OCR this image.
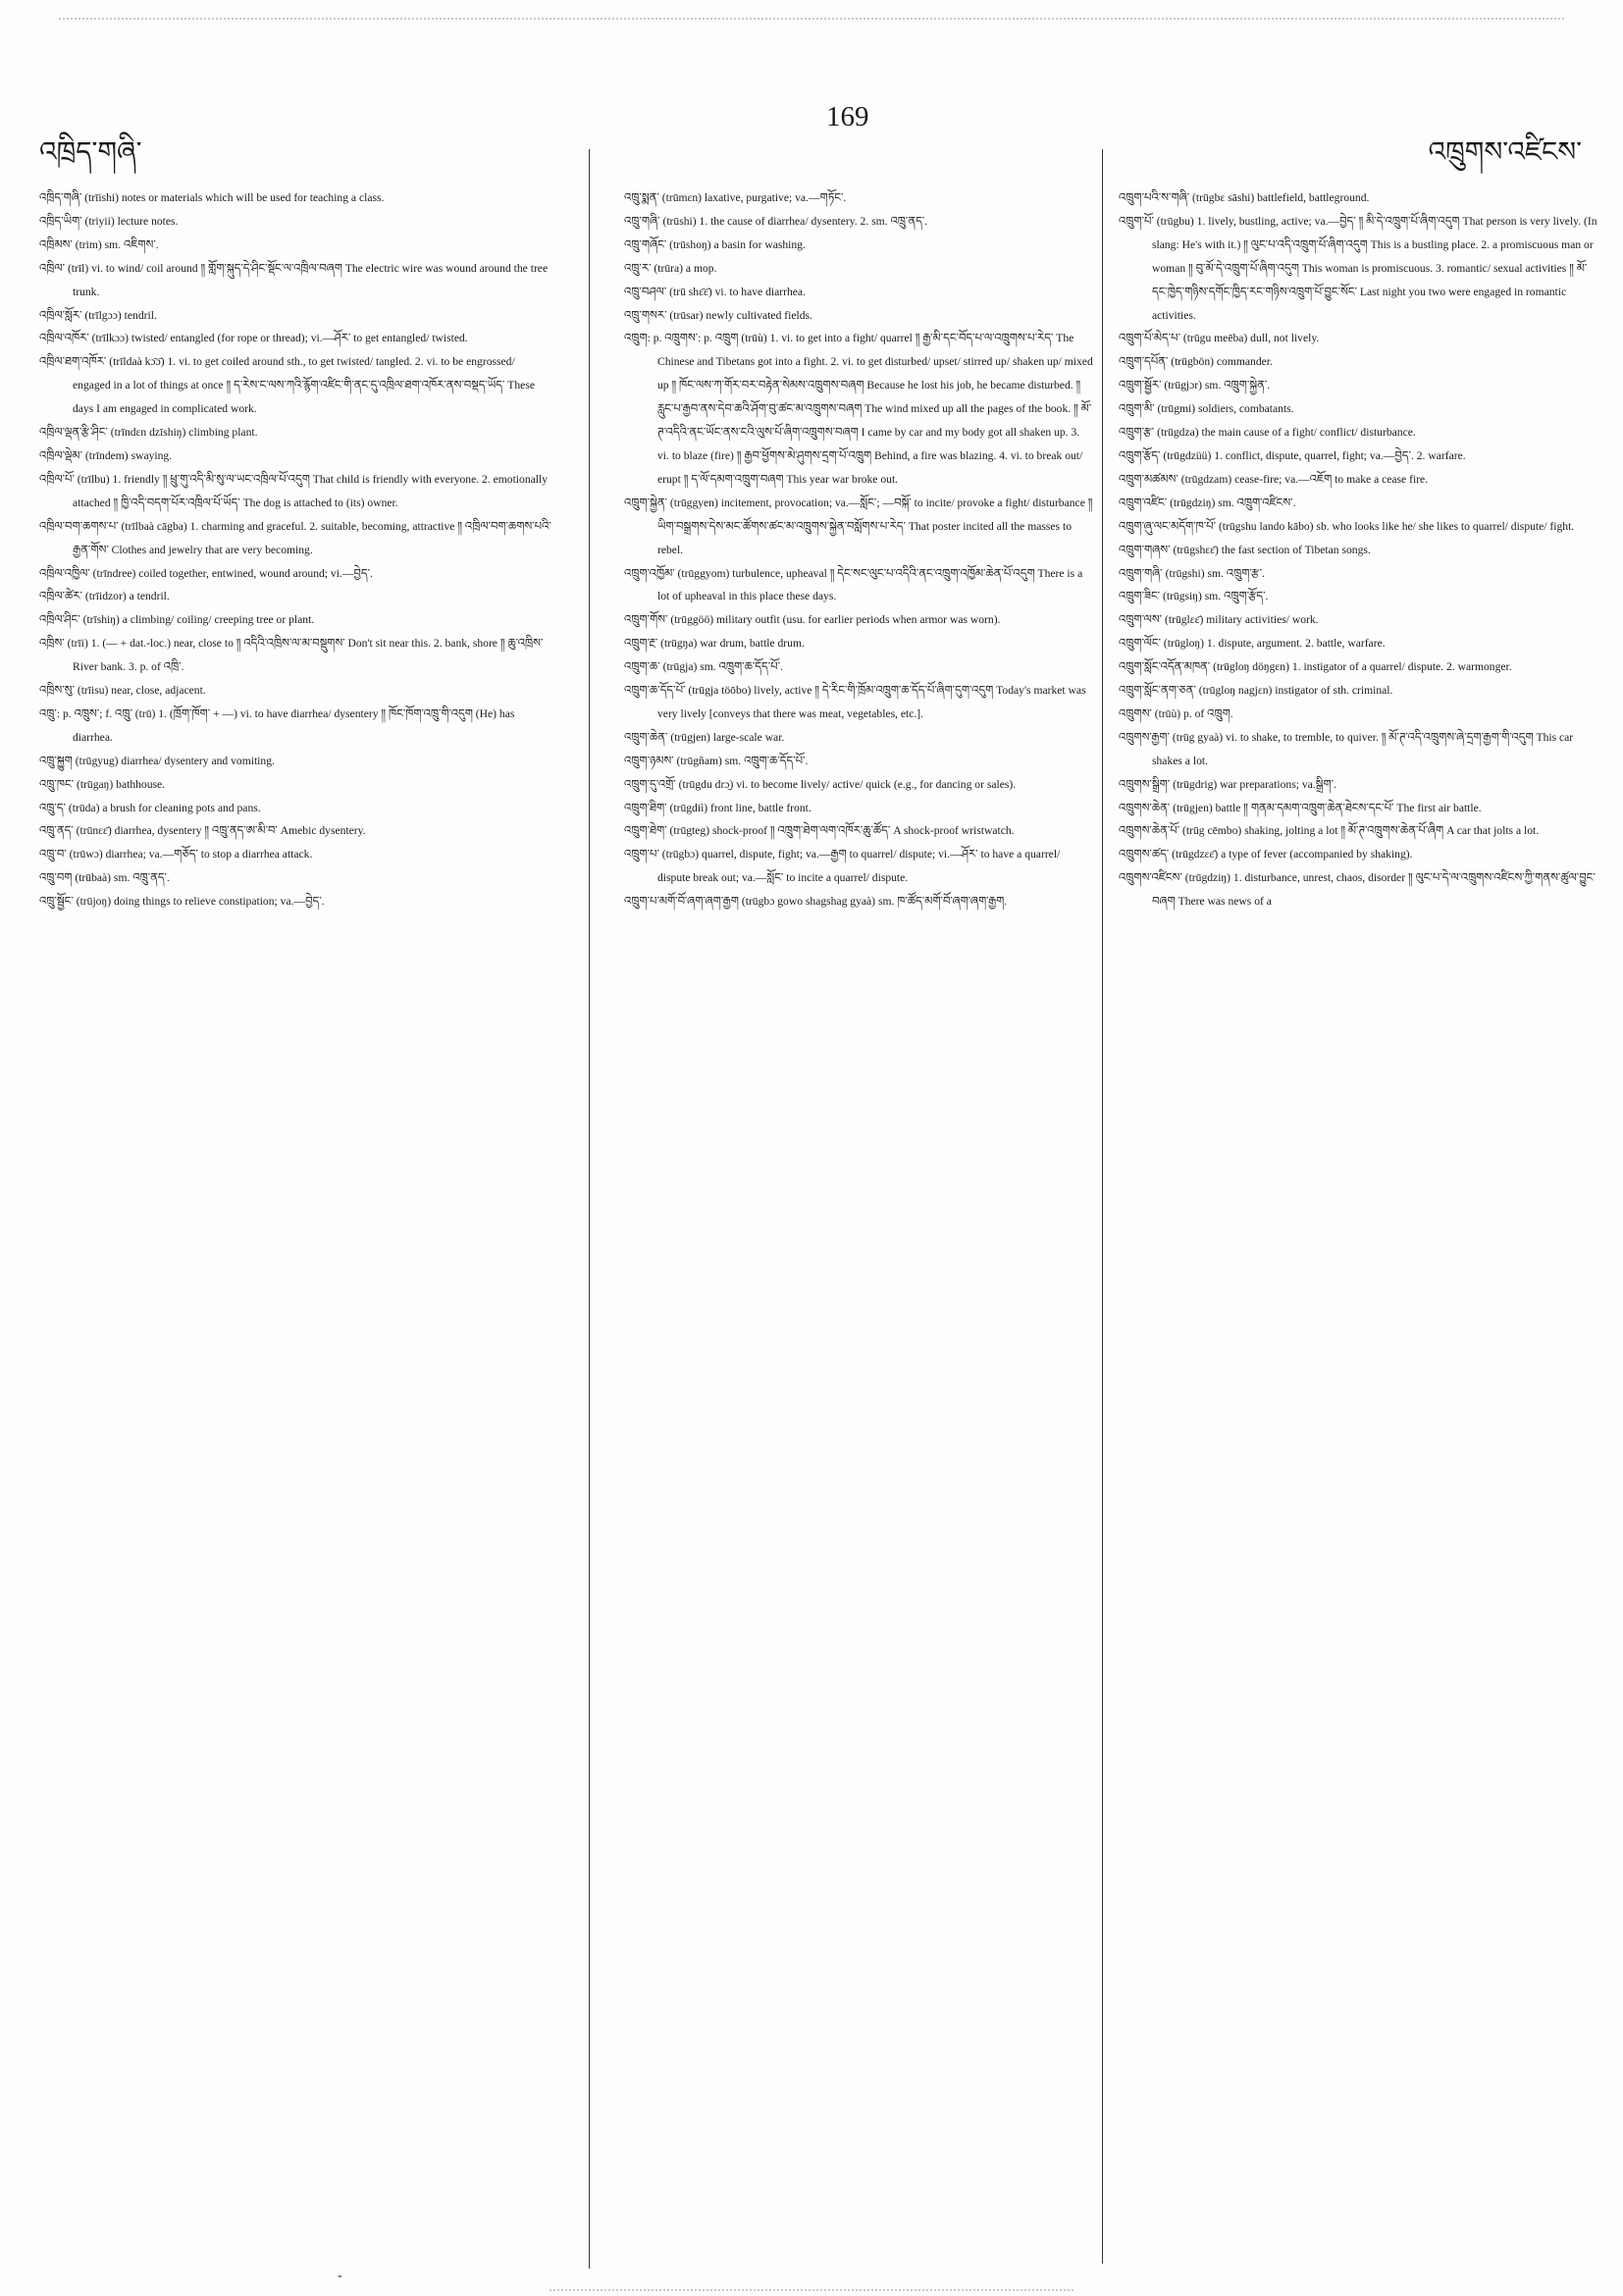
འཁྲིད་གཞི་
169
འཁྲུགས་འཛིངས་

འཁྲིད་གཞི་ (trīishi) notes or materials which will be used for teaching a class.

འཁྲིད་ཡིག་ (triyii) lecture notes.

འཁྲིམས་ (trim) sm. འཇིགས་.

འཁྲིལ་ (trīl) vi. to wind/ coil around ༎ གློག་སྐུད་དེ་ཤིང་སྡོང་ལ་འཁྲིལ་བཞག The electric wire was wound around the tree trunk.

འཁྲིལ་སློར་ (trīlgɔɔ) tendril.

འཁྲིལ་འཁོར་ (trīlkɔɔ) twisted/ entangled (for rope or thread); vi.—ཤོར་ to get entangled/ twisted.

འཁྲིལ་ཐག་འཁོར་ (trīldaà kɔ̄ɔ̄) 1. vi. to get coiled around sth., to get twisted/ tangled. 2. vi. to be engrossed/ engaged in a lot of things at once ༎ ད་རེས་ང་ལས་ཀའི་རྙོག་འཛིང་གི་ནང་དུ་འཁྲིལ་ཐག་འཁོར་ནས་བསྡད་ཡོད་ These days I am engaged in complicated work.

འཁྲིལ་ལྡན་རྩི་ཤིང་ (trīndɛn dzīshiŋ) climbing plant.

འཁྲིལ་ལྡེམ་ (trīndem) swaying.

འཁྲིལ་པོ་ (trīlbu) 1. friendly ༎ ཕྲུ་གུ་འདི་མི་སུ་ལ་ཡང་འཁྲིལ་པོ་འདུག That child is friendly with everyone. 2. emotionally attached ༎ ཁྱི་འདི་བདག་པོར་འཁྲིལ་པོ་ཡོད་ The dog is attached to (its) owner.

འཁྲིལ་བག་ཆགས་པ་ (trīlbaà cāgba) 1. charming and graceful. 2. suitable, becoming, attractive ༎ འཁྲིལ་བག་ཆགས་པའི་རྒྱན་གོས་ Clothes and jewelry that are very becoming.

འཁྲིལ་འཁྱིལ་ (trīndree) coiled together, entwined, wound around; vi.—བྱེད་.

འཁྲིལ་ཚེར་ (trīidzor) a tendril.

འཁྲིལ་ཤིང་ (trīshiŋ) a climbing/ coiling/ creeping tree or plant.

འཁྲིས་ (trīi) 1. (— + dat.-loc.) near, close to ༎ འདིའི་འཁྲིས་ལ་མ་བསྡུགས་ Don't sit near this. 2. bank, shore ༎ ཆུ་འཁྲིས་ River bank. 3. p. of འཁྲི་.

འཁྲིས་སུ་ (trīisu) near, close, adjacent.

འཁྲུ་: p. འཁྲུས་; f. འཁྲུ་ (trū) 1. (ཁྲོག་ཁོག་ + —) vi. to have diarrhea/ dysentery ༎ ཁོང་ཁོག་འཁྲུ་གི་འདུག (He) has diarrhea.

འཁྲུ་སྐྱུག (trūgyug) diarrhea/ dysentery and vomiting.

འཁྲུ་ཁང་ (trūgaŋ) bathhouse.

འཁྲུ་ད་ (trūda) a brush for cleaning pots and pans.

འཁྲུ་ནད་ (trūnɛɛ̄) diarrhea, dysentery ༎ འཁྲུ་ནད་ཨ་མི་བ་ Amebic dysentery.

འཁྲུ་བ་ (trūwɔ) diarrhea; va.—གཅོད་ to stop a diarrhea attack.

འཁྲུ་བག (trūbaà) sm. འཁྲུ་ནད་.

འཁྲུ་སྦྱོང་ (trūjoŋ) doing things to relieve constipation; va.—བྱེད་.

འཁྲུ་སྨན་ (trūmɛn) laxative, purgative; va.—གཏོང་.

འཁྲུ་གཞི་ (trūshi) 1. the cause of diarrhea/ dysentery. 2. sm. འཁྲུ་ནད་.

འཁྲུ་གཞོང་ (trūshoŋ) a basin for washing.

འཁྲུ་ར་ (trūra) a mop.

འཁྲུ་བཤལ་ (trū shɛ̄ɛ̄) vi. to have diarrhea.

འཁྲུ་གསར་ (trūsar) newly cultivated fields.

འཁྲུག: p. འཁྲུགས་: p. འཁྲུག (trūù) 1. vi. to get into a fight/ quarrel ༎ རྒྱ་མི་དང་བོད་པ་ལ་འཁྲུགས་པ་རེད་ The Chinese and Tibetans got into a fight. 2. vi. to get disturbed/ upset/ stirred up/ shaken up/ mixed up ༎ ཁོང་ལས་ཀ་གོར་བར་བརྟེན་སེམས་འཁྲུགས་བཞག Because he lost his job, he became disturbed. ༎ རླུང་པ་རྒྱབ་ནས་དེབ་ཆའི་ཤོག་བུ་ཚང་མ་འཁྲུགས་བཞག The wind mixed up all the pages of the book. ༎ མོ་ཊ་འདིའི་ནང་ཡོང་ནས་ངའི་ལུས་པོ་ཞིག་འཁྲུགས་བཞག I came by car and my body got all shaken up. 3. vi. to blaze (fire) ༎ རྒྱབ་ཕྱོགས་མེ་ཤུགས་དྲག་པོ་འཁྲུག Behind, a fire was blazing. 4. vi. to break out/ erupt ༎ ད་ལོ་དམག་འཁྲུག་བཞག This year war broke out.

འཁྲུག་སྐྱེན་ (trūggyen) incitement, provocation; va.—སློང་; —བསྐོ་ to incite/ provoke a fight/ disturbance ༎ ཡིག་བསྒྲགས་དེས་མང་ཚོགས་ཚང་མ་འཁྲུགས་སྐྱེན་བསློགས་པ་རེད་ That poster incited all the masses to rebel.

འཁྲུག་འཁྱོམ་ (trūggyom) turbulence, upheaval ༎ དེང་སང་ལུང་པ་འདིའི་ནང་འཁྲུག་འཁྱོམ་ཆེན་པོ་འདུག There is a lot of upheaval in this place these days.

འཁྲུག་གོས་ (trūggöö) military outfit (usu. for earlier periods when armor was worn).

འཁྲུག་རྔ་ (trūgŋa) war drum, battle drum.

འཁྲུག་ཆ་ (trūgja) sm. འཁྲུག་ཆ་དོད་པོ་.

འཁྲུག་ཆ་དོད་པོ་ (trūgja töōbo) lively, active ༎ དེ་རིང་གི་ཁྲོམ་འཁྲུག་ཆ་དོད་པོ་ཞིག་དུག་འདུག Today's market was very lively [conveys that there was meat, vegetables, etc.].

འཁྲུག་ཆེན་ (trūgjen) large-scale war.

འཁྲུག་ཉམས་ (trūgñam) sm. འཁྲུག་ཆ་དོད་པོ་.

འཁྲུག་དུ་འགྲོ་ (trūgdu drɔ̱) vi. to become lively/ active/ quick (e.g., for dancing or sales).

འཁྲུག་ཐིག་ (trūgdiì) front line, battle front.

འཁྲུག་ཐེག་ (trūgteg) shock-proof ༎ འཁྲུག་ཐེག་ལག་འཁོར་ཆུ་ཚོད་ A shock-proof wristwatch.

འཁྲུག་པ་ (trūgbɔ) quarrel, dispute, fight; va.—རྒྱག to quarrel/ dispute; vi.—ཤོར་ to have a quarrel/ dispute break out; va.—སློང་ to incite a quarrel/ dispute.

འཁྲུག་པ་མགོ་བོ་ཞག་ཞག་རྒྱག (trūgbɔ gowo shagshag gyaà) sm. ཁ་ཚོད་མགོ་བོ་ཞག་ཞག་རྒྱག.

འཁྲུག་པའི་ས་གཞི་ (trūgbɛ sāshi) battlefield, battleground.

འཁྲུག་པོ་ (trūgbu) 1. lively, bustling, active; va.—བྱེད་ ༎ མི་དེ་འཁྲུག་པོ་ཞིག་འདུག That person is very lively. (In slang: He's with it.) ༎ ལུང་པ་འདི་འཁྲུག་པོ་ཞིག་འདུག This is a bustling place. 2. a promiscuous man or woman ༎ བུ་མོ་དེ་འཁྲུག་པོ་ཞིག་འདུག This woman is promiscuous. 3. romantic/ sexual activities ༎ མོ་དང་ཁྱེད་གཉིས་དགོང་ཁྱིད་རང་གཉིས་འཁྲུག་པོ་བྱུང་སོང་ Last night you two were engaged in romantic activities.

འཁྲུག་པོ་མེད་པ་ (trūgu meēba) dull, not lively.

འཁྲུག་དཔོན་ (trūgbön) commander.

འཁྲུག་སྦྱོར་ (trūgjɔr) sm. འཁྲུག་སྐྱེན་.

འཁྲུག་མི་ (trūgmi) soldiers, combatants.

འཁྲུག་རྩ་ (trūgdza) the main cause of a fight/ conflict/ disturbance.

འཁྲུག་རྩོད་ (trūgdzüü) 1. conflict, dispute, quarrel, fight; va.—བྱེད་. 2. warfare.

འཁྲུག་མཚམས་ (trūgdzam) cease-fire; va.—འཇོག to make a cease fire.

འཁྲུག་འཛིང་ (trūgdziŋ) sm. འཁྲུག་འཛིངས་.

འཁྲུག་ཞུ་ལང་མདོག་ཁ་པོ་ (trūgshu lando kābo) sb. who looks like he/ she likes to quarrel/ dispute/ fight.

འཁྲུག་གཞས་ (trūgshɛɛ̄) the fast section of Tibetan songs.

འཁྲུག་གཞི་ (trūgshi) sm. འཁྲུག་རྩ་.

འཁྲུག་ཟིང་ (trūgsiŋ) sm. འཁྲུག་རྩོད་.

འཁྲུག་ལས་ (trūglɛɛ̄) military activities/ work.

འཁྲུག་ལོང་ (trūgloŋ) 1. dispute, argument. 2. battle, warfare.

འཁྲུག་སློང་འདོན་མཁན་ (trūgloŋ döŋgɛn) 1. instigator of a quarrel/ dispute. 2. warmonger.

འཁྲུག་སློང་ནག་ཅན་ (trūgloŋ nagjɛn) instigator of sth. criminal.

འཁྲུགས་ (trūù) p. of འཁྲུག.

འཁྲུགས་རྒྱག་ (trūg gyaà) vi. to shake, to tremble, to quiver. ༎ མོ་ཊ་འདི་འཁྲུགས་ཞེ་དྲག་རྒྱག་གི་འདུག This car shakes a lot.

འཁྲུགས་སྒྲིག་ (trūgdrig) war preparations; va.སྒྲིག་.

འཁྲུགས་ཆེན་ (trūgjen) battle ༎ གནམ་དམག་འཁྲུག་ཆེན་ཐེངས་དང་པོ་ The first air battle.

འཁྲུགས་ཆེན་པོ་ (trūg cēmbo) shaking, jolting a lot ༎ མོ་ཊ་འཁྲུགས་ཆེན་པོ་ཞིག A car that jolts a lot.

འཁྲུགས་ཚད་ (trūgdzɛɛ̄) a type of fever (accompanied by shaking).

འཁྲུགས་འཛིངས་ (trūgdziŋ) 1. disturbance, unrest, chaos, disorder ༎ ལུང་པ་དེ་ལ་འཁྲུགས་འཛིངས་ཀྱི་གནས་ཚུལ་བྱུང་བཞག There was news of a

-
